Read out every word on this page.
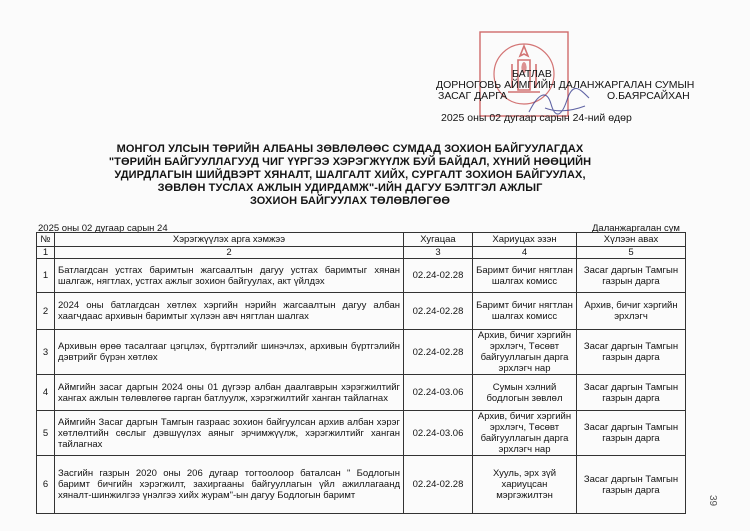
БАТЛАВ
ДОРНОГОВЬ АЙМГИЙН ДАЛАНЖАРГАЛАН СУМЫН
ЗАСАГ ДАРГА	О.БАЯРСАЙХАН
2025 оны 02 дугаар сарын 24-ний өдөр
МОНГОЛ УЛСЫН ТӨРИЙН АЛБАНЫ ЗӨВЛӨЛӨӨС СУМДАД ЗОХИОН БАЙГУУЛАГДАХ
"ТӨРИЙН БАЙГУУЛЛАГУУД ЧИГ ҮҮРГЭЭ ХЭРЭГЖҮҮЛЖ БУЙ БАЙДАЛ, ХҮНИЙ НӨӨЦИЙН
УДИРДЛАГЫН ШИЙДВЭРТ ХЯНАЛТ, ШАЛГАЛТ ХИЙХ, СУРГАЛТ ЗОХИОН БАЙГУУЛАХ,
ЗӨВЛӨН ТУСЛАХ АЖЛЫН УДИРДАМЖ"-ИЙН ДАГУУ БЭЛТГЭЛ АЖЛЫГ
ЗОХИОН БАЙГУУЛАХ ТӨЛӨВЛӨГӨӨ
2025 оны 02 дугаар сарын 24	Даланжаргалан сум
№	Хэрэгжүүлэх арга хэмжээ	Хугацаа	Хариуцах эзэн	Хүлээн авах
1	2	3	4	5
1	Батлагдсан устгах баримтын жагсаалтын дагуу устгах баримтыг хянан шалгаж, нягтлах, устгах ажлыг зохион байгуулах, акт үйлдэх	02.24-02.28	Баримт бичиг нягтлан шалгах комисс	Засаг даргын Тамгын газрын дарга
2	2024 оны батлагдсан хөтлөх хэргийн нэрийн жагсаалтын дагуу албан хаагчдаас архивын баримтыг хүлээн авч нягтлан шалгах	02.24-02.28	Баримт бичиг нягтлан шалгах комисс	Архив, бичиг хэргийн эрхлэгч
3	Архивын өрөө тасалгааг цэгцлэх, бүртгэлийг шинэчлэх, архивын бүртгэлийн дэвтрийг бүрэн хөтлөх	02.24-02.28	Архив, бичиг хэргийн эрхлэгч, Төсөвт байгууллагын дарга эрхлэгч нар	Засаг даргын Тамгын газрын дарга
4	Аймгийн засаг даргын 2024 оны 01 дүгээр албан даалгаврын хэрэгжилтийг хангах ажлын төлөвлөгөө гарган батлуулж, хэрэгжилтийг ханган тайлагнах	02.24-03.06	Сумын хэлний бодлогын зөвлөл	Засаг даргын Тамгын газрын дарга
5	Аймгийн Засаг даргын Тамгын газраас зохион байгуулсан архив албан хэрэг хөтлөлтийн сөслыг дэвшүүлэх аяныг эрчимжүүлж, хэрэгжилтийг ханган тайлагнах	02.24-03.06	Архив, бичиг хэргийн эрхлэгч, Төсөвт байгууллагын дарга эрхлэгч нар	Засаг даргын Тамгын газрын дарга
6	Засгийн газрын 2020 оны 206 дугаар тогтоолоор баталсан " Бодлогын баримт бичгийн хэрэгжилт, захиргааны байгууллагын үйл ажиллагаанд хяналт-шинжилгээ үнэлгээ хийх журам"-ын дагуу Бодлогын баримт	02.24-02.28	Хууль, эрх зүй хариуцсан мэргэжилтэн	Засаг даргын Тамгын газрын дарга
39
